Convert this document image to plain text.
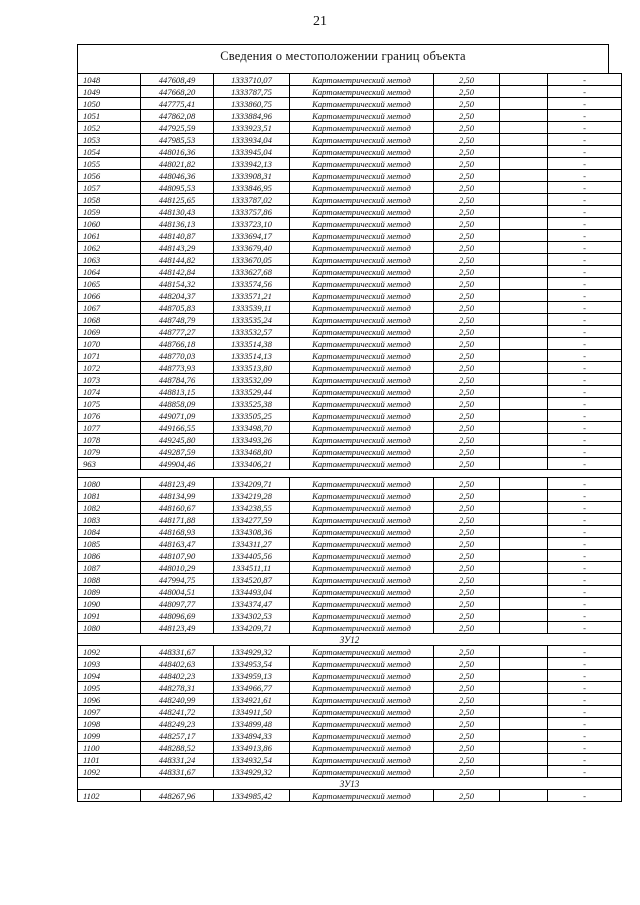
21
Сведения о местоположении границ объекта
1048	447608,49	1333710,07	Картометрический метод	2,50		-
1049	447668,20	1333787,75	Картометрический метод	2,50		-
1050	447775,41	1333860,75	Картометрический метод	2,50		-
1051	447862,08	1333884,96	Картометрический метод	2,50		-
1052	447925,59	1333923,51	Картометрический метод	2,50		-
1053	447985,53	1333934,04	Картометрический метод	2,50		-
1054	448016,36	1333945,04	Картометрический метод	2,50		-
1055	448021,82	1333942,13	Картометрический метод	2,50		-
1056	448046,36	1333908,31	Картометрический метод	2,50		-
1057	448095,53	1333846,95	Картометрический метод	2,50		-
1058	448125,65	1333787,02	Картометрический метод	2,50		-
1059	448130,43	1333757,86	Картометрический метод	2,50		-
1060	448136,13	1333723,10	Картометрический метод	2,50		-
1061	448140,87	1333694,17	Картометрический метод	2,50		-
1062	448143,29	1333679,40	Картометрический метод	2,50		-
1063	448144,82	1333670,05	Картометрический метод	2,50		-
1064	448142,84	1333627,68	Картометрический метод	2,50		-
1065	448154,32	1333574,56	Картометрический метод	2,50		-
1066	448204,37	1333571,21	Картометрический метод	2,50		-
1067	448705,83	1333539,11	Картометрический метод	2,50		-
1068	448748,79	1333535,24	Картометрический метод	2,50		-
1069	448777,27	1333532,57	Картометрический метод	2,50		-
1070	448766,18	1333514,38	Картометрический метод	2,50		-
1071	448770,03	1333514,13	Картометрический метод	2,50		-
1072	448773,93	1333513,80	Картометрический метод	2,50		-
1073	448784,76	1333532,09	Картометрический метод	2,50		-
1074	448813,15	1333529,44	Картометрический метод	2,50		-
1075	448858,09	1333525,38	Картометрический метод	2,50		-
1076	449071,09	1333505,25	Картометрический метод	2,50		-
1077	449166,55	1333498,70	Картометрический метод	2,50		-
1078	449245,80	1333493,26	Картометрический метод	2,50		-
1079	449287,59	1333468,80	Картометрический метод	2,50		-
963	449904,46	1333406,21	Картометрический метод	2,50		-

1080	448123,49	1334209,71	Картометрический метод	2,50		-
1081	448134,99	1334219,28	Картометрический метод	2,50		-
1082	448160,67	1334238,55	Картометрический метод	2,50		-
1083	448171,88	1334277,59	Картометрический метод	2,50		-
1084	448168,93	1334308,36	Картометрический метод	2,50		-
1085	448163,47	1334311,27	Картометрический метод	2,50		-
1086	448107,90	1334405,56	Картометрический метод	2,50		-
1087	448010,29	1334511,11	Картометрический метод	2,50		-
1088	447994,75	1334520,87	Картометрический метод	2,50		-
1089	448004,51	1334493,04	Картометрический метод	2,50		-
1090	448097,77	1334374,47	Картометрический метод	2,50		-
1091	448096,69	1334302,53	Картометрический метод	2,50		-
1080	448123,49	1334209,71	Картометрический метод	2,50		-
ЗУ12						
1092	448331,67	1334929,32	Картометрический метод	2,50		-
1093	448402,63	1334953,54	Картометрический метод	2,50		-
1094	448402,23	1334959,13	Картометрический метод	2,50		-
1095	448278,31	1334966,77	Картометрический метод	2,50		-
1096	448240,99	1334921,61	Картометрический метод	2,50		-
1097	448241,72	1334911,50	Картометрический метод	2,50		-
1098	448249,23	1334899,48	Картометрический метод	2,50		-
1099	448257,17	1334894,33	Картометрический метод	2,50		-
1100	448288,52	1334913,86	Картометрический метод	2,50		-
1101	448331,24	1334932,54	Картометрический метод	2,50		-
1092	448331,67	1334929,32	Картометрический метод	2,50		-
ЗУ13						
1102	448267,96	1334985,42	Картометрический метод	2,50		-
